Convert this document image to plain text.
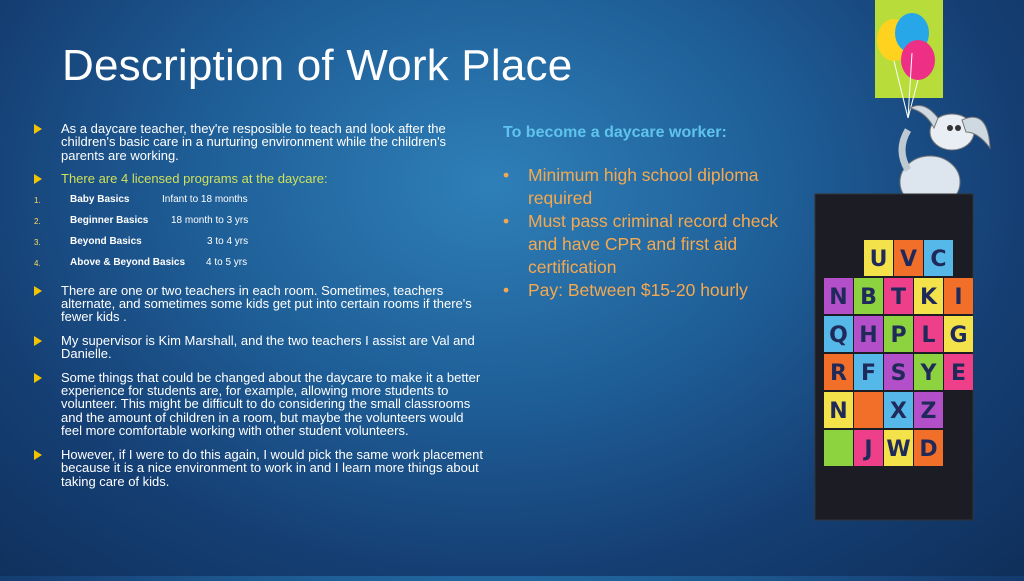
Description of Work Place
As a daycare teacher, they're resposible to teach and look after the children's basic care in a nurturing environment while the children's parents are working.
There are 4 licensed programs at the daycare:
1.	Baby Basics	Infant to 18 months
2.	Beginner Basics 18 month to 3 yrs
3.	Beyond Basics	3 to 4 yrs
4.	Above & Beyond Basics 4 to 5 yrs
There are one or two teachers in each room. Sometimes, teachers alternate, and sometimes some kids get put into certain rooms if there's fewer kids .
My supervisor is Kim Marshall, and the two teachers I assist are Val and Danielle.
Some things that could be changed about the daycare to make it a better experience for students are, for example, allowing more students to volunteer. This might be difficult to do considering the small classrooms and the amount of children in a room, but maybe the volunteers would feel more comfortable working with other student volunteers.
However, if I were to do this again, I would pick the same work placement because it is a nice environment to work in and I learn more things about taking care of kids.

To become a daycare worker:

• Minimum high school diploma required
• Must pass criminal record check and have CPR and first aid certification
• Pay: Between $15-20 hourly
U V C
N B T K I
Q H P L G
R F S Y E
N X Z
J W D
